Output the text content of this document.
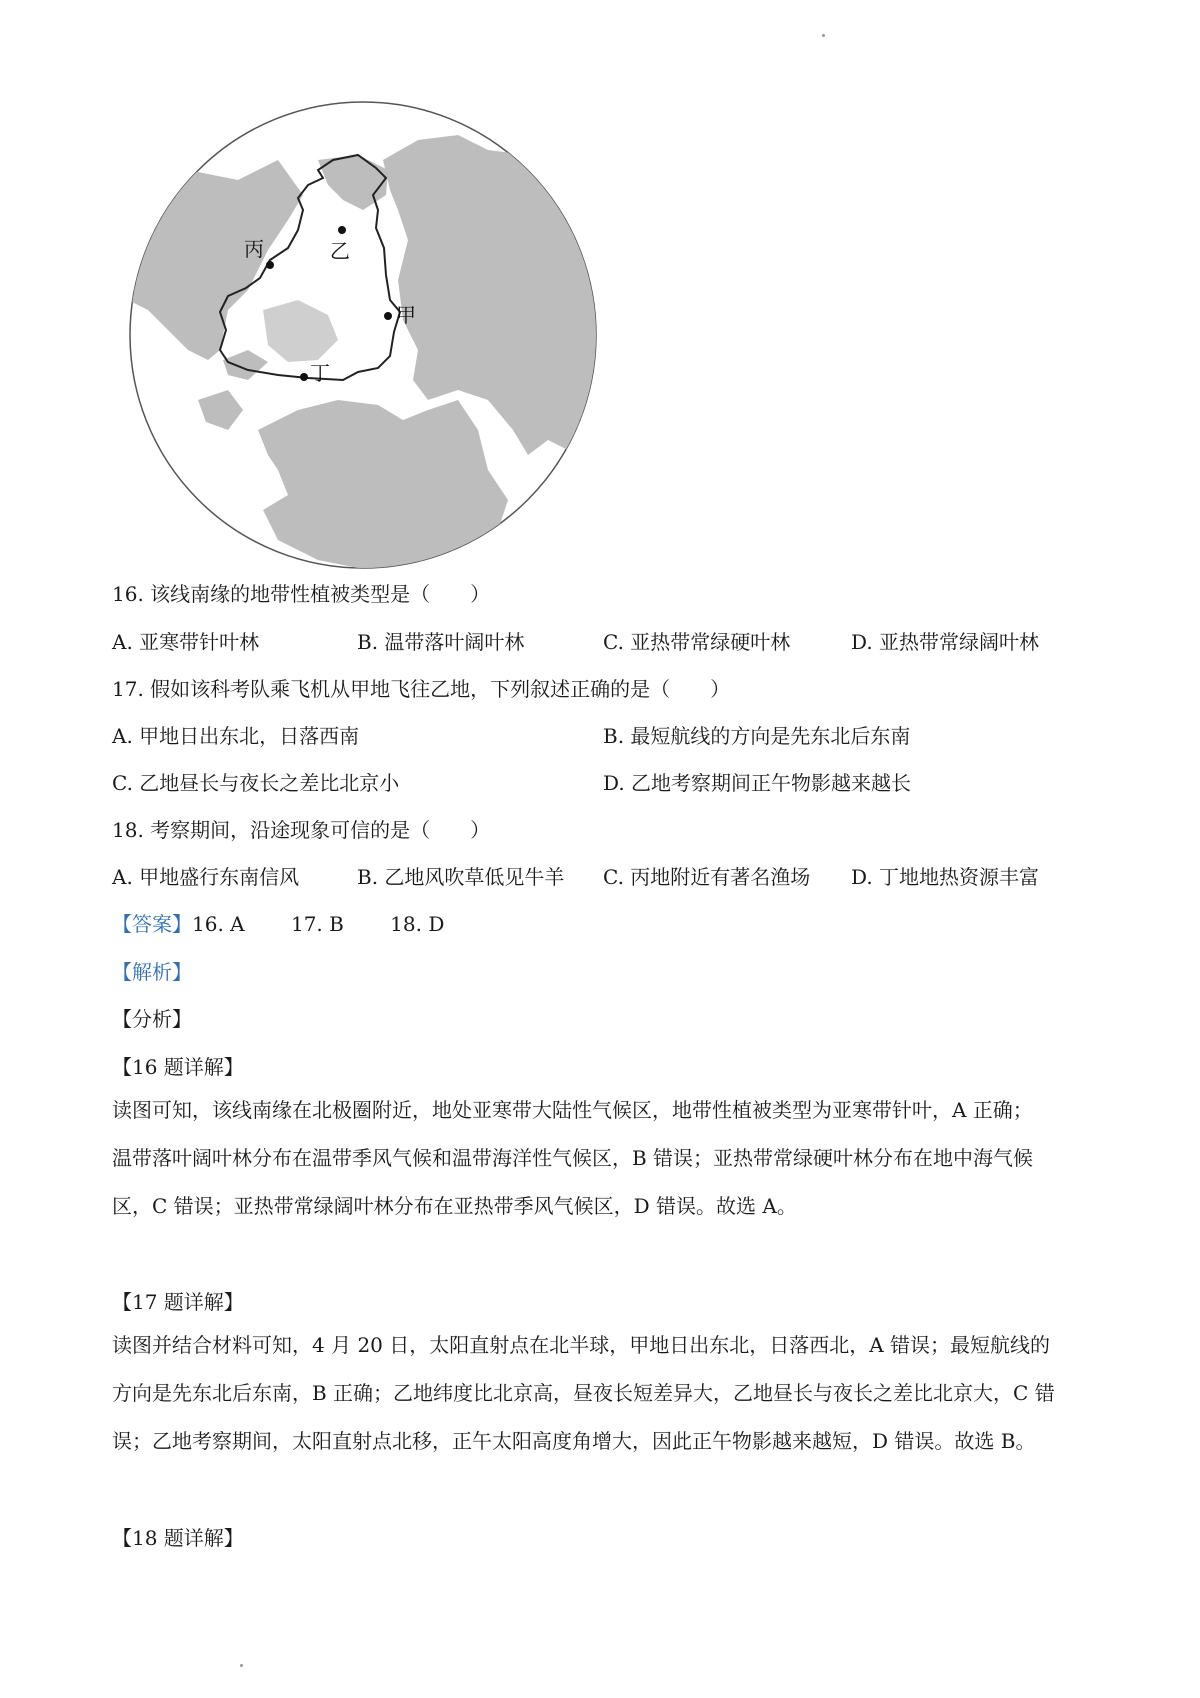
乙
丙
甲
丁
16. 该线南缘的地带性植被类型是（　　）
A. 亚寒带针叶林	B. 温带落叶阔叶林	C. 亚热带常绿硬叶林	D. 亚热带常绿阔叶林
17. 假如该科考队乘飞机从甲地飞往乙地，下列叙述正确的是（　　）
A. 甲地日出东北，日落西南	B. 最短航线的方向是先东北后东南
C. 乙地昼长与夜长之差比北京小	D. 乙地考察期间正午物影越来越长
18. 考察期间，沿途现象可信的是（　　）
A. 甲地盛行东南信风	B. 乙地风吹草低见牛羊 C. 丙地附近有著名渔场 D. 丁地地热资源丰富
【答案】16. A　　 17. B　　 18. D
【解析】
【分析】
【16 题详解】
读图可知，该线南缘在北极圈附近，地处亚寒带大陆性气候区，地带性植被类型为亚寒带针叶，A 正确；
温带落叶阔叶林分布在温带季风气候和温带海洋性气候区，B 错误；亚热带常绿硬叶林分布在地中海气候
区，C 错误；亚热带常绿阔叶林分布在亚热带季风气候区，D 错误。故选 A。
【17 题详解】
读图并结合材料可知，4 月 20 日，太阳直射点在北半球，甲地日出东北，日落西北，A 错误；最短航线的
方向是先东北后东南，B 正确；乙地纬度比北京高，昼夜长短差异大，乙地昼长与夜长之差比北京大，C 错
误；乙地考察期间，太阳直射点北移，正午太阳高度角增大，因此正午物影越来越短，D 错误。故选 B。
【18 题详解】
